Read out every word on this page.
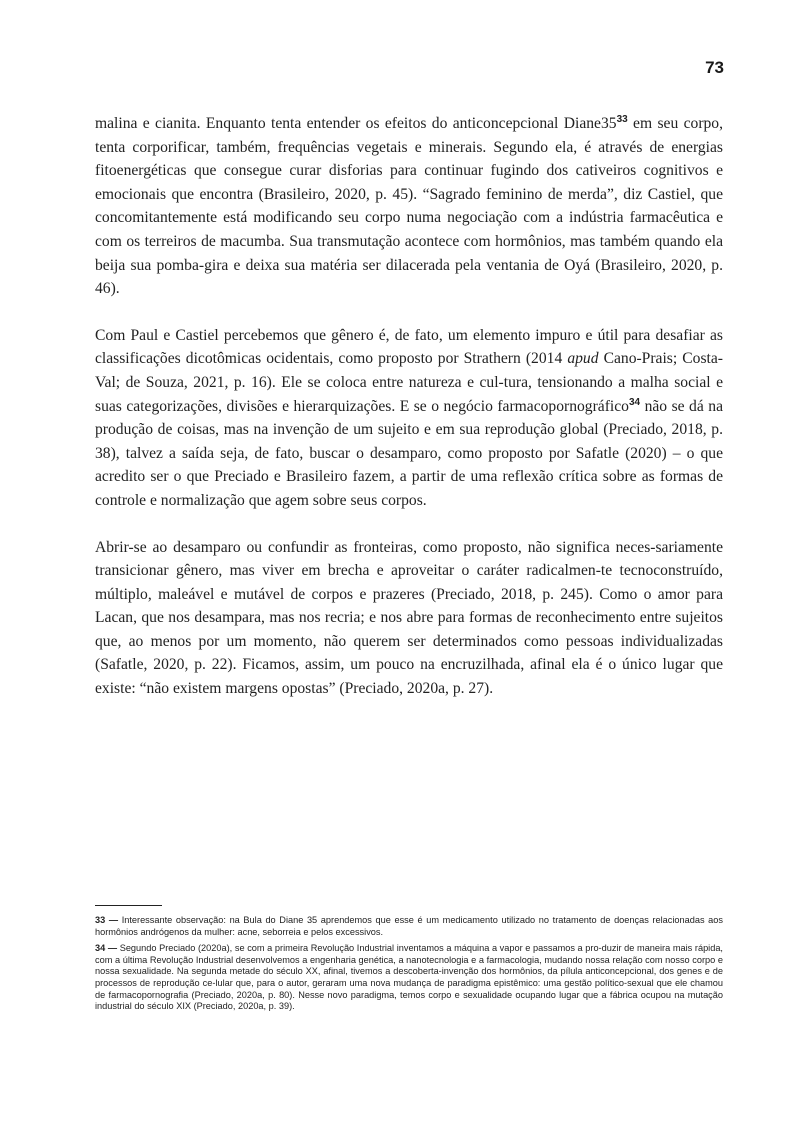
73

malina e cianita. Enquanto tenta entender os efeitos do anticoncepcional $Diane35^{33}$ em seu corpo, tenta corporificar, também, frequências vegetais e minerais. Segundo ela, é através de energias fitoenergéticas que consegue curar disforias para continuar fugindo dos cativeiros cognitivos e emocionais que encontra (Brasileiro, 2020, p. 45). “Sagrado feminino de merda”, diz Castiel, que concomitantemente está modificando seu corpo numa negociação com a indústria farmacêutica e com os terreiros de macumba. Sua transmutação acontece com hormônios, mas também quando ela beija sua pomba-gira e deixa sua matéria ser dilacerada pela ventania de Oyá (Brasileiro, 2020, p. 46).

Com Paul e Castiel percebemos que gênero é, de fato, um elemento impuro e útil para desafiar as classificações dicotômicas ocidentais, como proposto por Strathern (2014 apud Cano-Prais; Costa-Val; de Souza, 2021, p. 16). Ele se coloca entre natureza e cul-tura, tensionando a malha social e suas categorizações, divisões e hierarquizações. E se o negócio farmacopornográfico$^{34}$ não se dá na produção de coisas, mas na invenção de um sujeito e em sua reprodução global (Preciado, 2018, p. 38), talvez a saída seja, de fato, buscar o desamparo, como proposto por Safatle (2020) – o que acredito ser o que Preciado e Brasileiro fazem, a partir de uma reflexão crítica sobre as formas de controle e normalização que agem sobre seus corpos.

Abrir-se ao desamparo ou confundir as fronteiras, como proposto, não significa neces-sariamente transicionar gênero, mas viver em brecha e aproveitar o caráter radicalmen-te tecnoconstruído, múltiplo, maleável e mutável de corpos e prazeres (Preciado, 2018, p. 245). Como o amor para Lacan, que nos desampara, mas nos recria; e nos abre para formas de reconhecimento entre sujeitos que, ao menos por um momento, não querem ser determinados como pessoas individualizadas (Safatle, 2020, p. 22). Ficamos, assim, um pouco na encruzilhada, afinal ela é o único lugar que existe: “não existem margens opostas” (Preciado, 2020a, p. 27).

33 — Interessante observação: na Bula do Diane 35 aprendemos que esse é um medicamento utilizado no tratamento de doenças relacionadas aos hormônios andrógenos da mulher: acne, seborreia e pelos excessivos.

34 — Segundo Preciado (2020a), se com a primeira Revolução Industrial inventamos a máquina a vapor e passamos a pro-duzir de maneira mais rápida, com a última Revolução Industrial desenvolvemos a engenharia genética, a nanotecnologia e a farmacologia, mudando nossa relação com nosso corpo e nossa sexualidade. Na segunda metade do século XX, afinal, tivemos a descoberta-invenção dos hormônios, da pílula anticoncepcional, dos genes e de processos de reprodução ce-lular que, para o autor, geraram uma nova mudança de paradigma epistêmico: uma gestão político-sexual que ele chamou de farmacopornografia (Preciado, 2020a, p. 80). Nesse novo paradigma, temos corpo e sexualidade ocupando lugar que a fábrica ocupou na mutação industrial do século XIX (Preciado, 2020a, p. 39).
